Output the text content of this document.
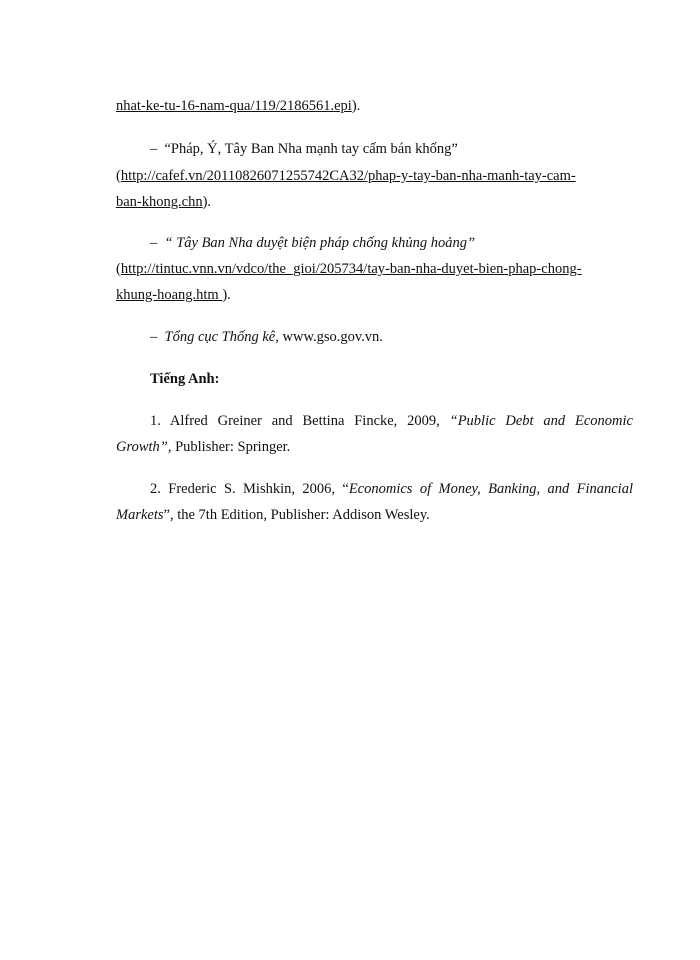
nhat-ke-tu-16-nam-qua/119/2186561.epi).
– “Pháp, Ý, Tây Ban Nha mạnh tay cấm bán khống”
(http://cafef.vn/20110826071255742CA32/phap-y-tay-ban-nha-manh-tay-cam-
ban-khong.chn).
– “ Tây Ban Nha duyệt biện pháp chống khủng hoảng”
(http://tintuc.vnn.vn/vdco/the_gioi/205734/tay-ban-nha-duyet-bien-phap-chong-
khung-hoang.htm ).
– Tổng cục Thống kê, www.gso.gov.vn.
Tiếng Anh:
1. Alfred Greiner and Bettina Fincke, 2009, “Public Debt and Economic
Growth”, Publisher: Springer.
2. Frederic S. Mishkin, 2006, “Economics of Money, Banking, and Financial
Markets”, the 7th Edition, Publisher: Addison Wesley.
